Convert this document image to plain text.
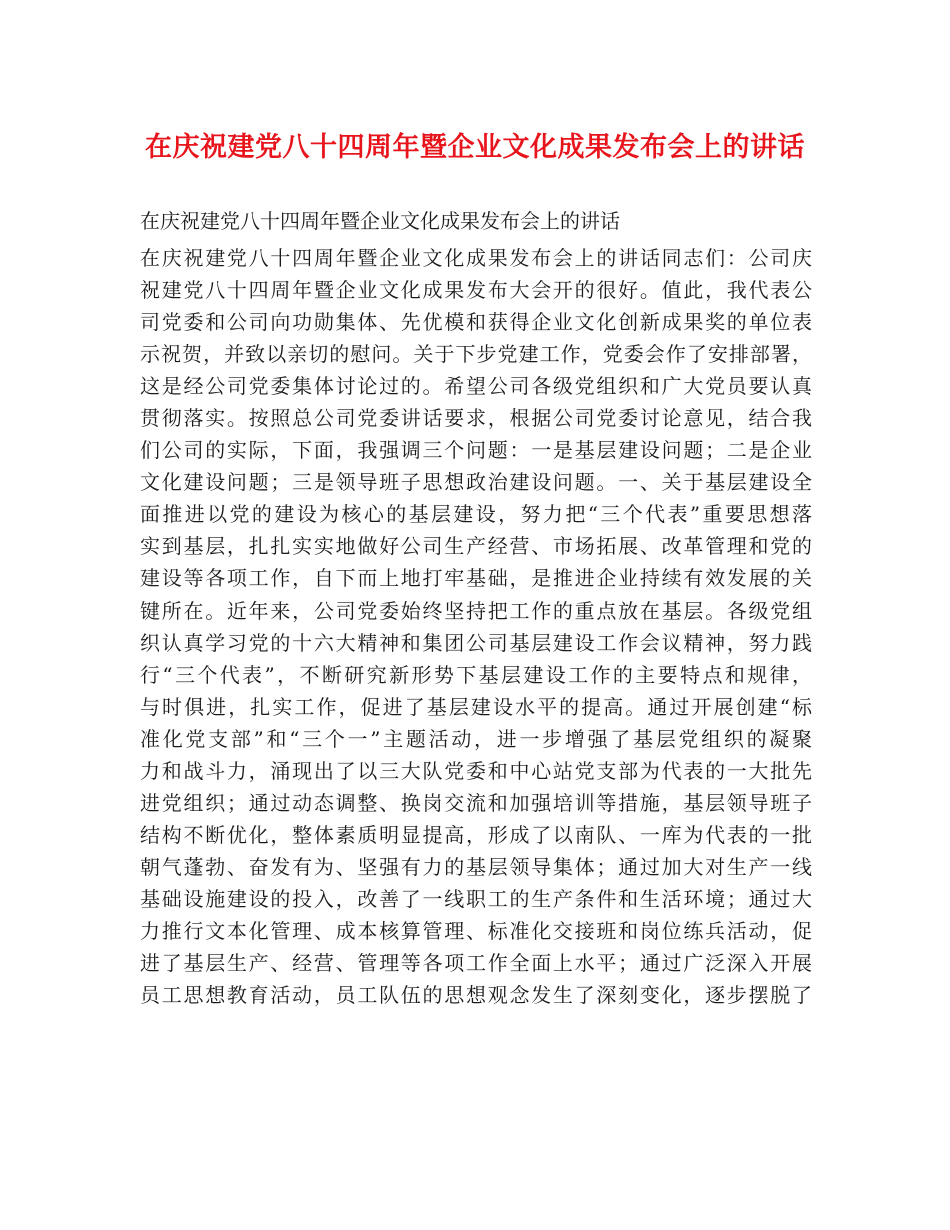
在庆祝建党八十四周年暨企业文化成果发布会上的讲话

在庆祝建党八十四周年暨企业文化成果发布会上的讲话

在庆祝建党八十四周年暨企业文化成果发布会上的讲话同志们：公司庆
祝建党八十四周年暨企业文化成果发布大会开的很好。值此，我代表公
司党委和公司向功勋集体、先优模和获得企业文化创新成果奖的单位表
示祝贺，并致以亲切的慰问。关于下步党建工作，党委会作了安排部署，
这是经公司党委集体讨论过的。希望公司各级党组织和广大党员要认真
贯彻落实。按照总公司党委讲话要求，根据公司党委讨论意见，结合我
们公司的实际，下面，我强调三个问题：一是基层建设问题；二是企业
文化建设问题；三是领导班子思想政治建设问题。一、关于基层建设全
面推进以党的建设为核心的基层建设，努力把“三个代表”重要思想落
实到基层，扎扎实实地做好公司生产经营、市场拓展、改革管理和党的
建设等各项工作，自下而上地打牢基础，是推进企业持续有效发展的关
键所在。近年来，公司党委始终坚持把工作的重点放在基层。各级党组
织认真学习党的十六大精神和集团公司基层建设工作会议精神，努力践
行“三个代表”，不断研究新形势下基层建设工作的主要特点和规律，
与时俱进，扎实工作，促进了基层建设水平的提高。通过开展创建“标
准化党支部”和“三个一”主题活动，进一步增强了基层党组织的凝聚
力和战斗力，涌现出了以三大队党委和中心站党支部为代表的一大批先
进党组织；通过动态调整、换岗交流和加强培训等措施，基层领导班子
结构不断优化，整体素质明显提高，形成了以南队、一库为代表的一批
朝气蓬勃、奋发有为、坚强有力的基层领导集体；通过加大对生产一线
基础设施建设的投入，改善了一线职工的生产条件和生活环境；通过大
力推行文本化管理、成本核算管理、标准化交接班和岗位练兵活动，促
进了基层生产、经营、管理等各项工作全面上水平；通过广泛深入开展
员工思想教育活动，员工队伍的思想观念发生了深刻变化，逐步摆脱了
